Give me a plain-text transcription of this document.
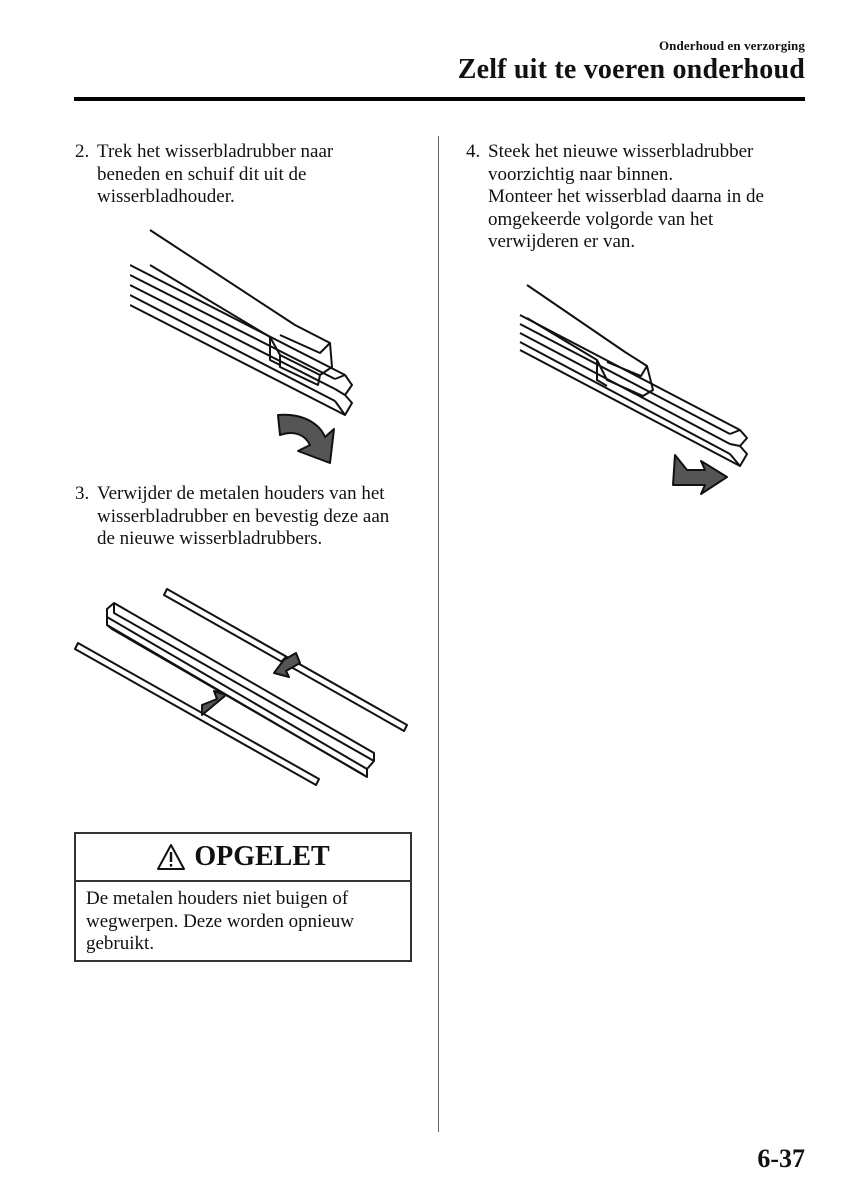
Onderhoud en verzorging
Zelf uit te voeren onderhoud
2. Trek het wisserbladrubber naar
beneden en schuif dit uit de
wisserbladhouder.
3. Verwijder de metalen houders van het
wisserbladrubber en bevestig deze aan
de nieuwe wisserbladrubbers.
OPGELET
De metalen houders niet buigen of wegwerpen. Deze worden opnieuw gebruikt.
4. Steek het nieuwe wisserbladrubber
voorzichtig naar binnen.
Monteer het wisserblad daarna in de
omgekeerde volgorde van het
verwijderen er van.
6-37
